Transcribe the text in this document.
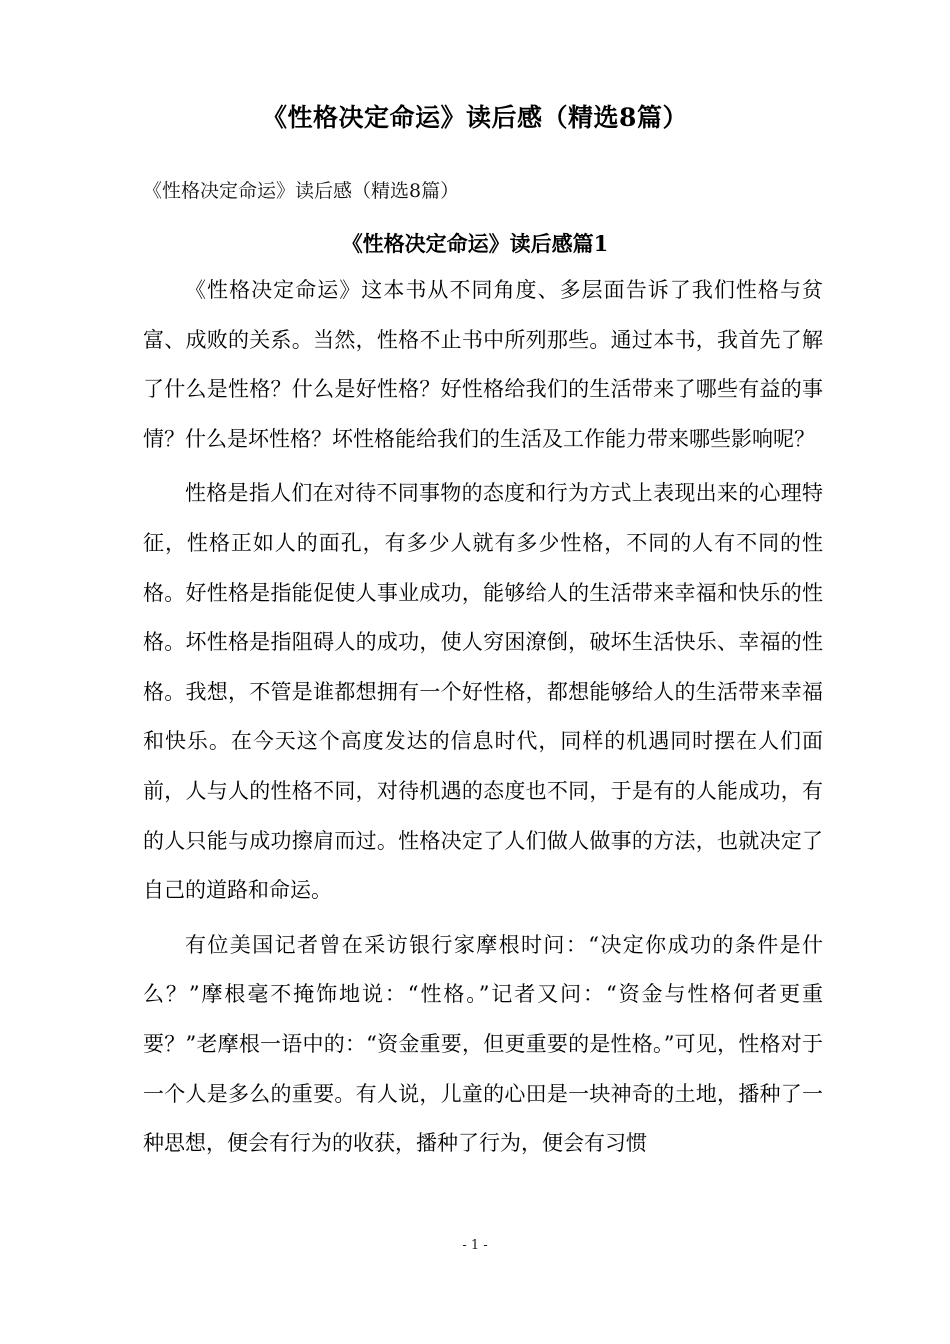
《性格决定命运》读后感（精选8篇）
《性格决定命运》读后感（精选8篇）
《性格决定命运》读后感篇1

《性格决定命运》这本书从不同角度、多层面告诉了我们性格与贫富、成败的关系。当然，性格不止书中所列那些。通过本书，我首先了解了什么是性格？什么是好性格？好性格给我们的生活带来了哪些有益的事情？什么是坏性格？坏性格能给我们的生活及工作能力带来哪些影响呢？

性格是指人们在对待不同事物的态度和行为方式上表现出来的心理特征，性格正如人的面孔，有多少人就有多少性格，不同的人有不同的性格。好性格是指能促使人事业成功，能够给人的生活带来幸福和快乐的性格。坏性格是指阻碍人的成功，使人穷困潦倒，破坏生活快乐、幸福的性格。我想，不管是谁都想拥有一个好性格，都想能够给人的生活带来幸福和快乐。在今天这个高度发达的信息时代，同样的机遇同时摆在人们面前，人与人的性格不同，对待机遇的态度也不同，于是有的人能成功，有的人只能与成功擦肩而过。性格决定了人们做人做事的方法，也就决定了自己的道路和命运。

有位美国记者曾在采访银行家摩根时问：“决定你成功的条件是什么？”摩根毫不掩饰地说：“性格。”记者又问：“资金与性格何者更重要？”老摩根一语中的：“资金重要，但更重要的是性格。”可见，性格对于一个人是多么的重要。有人说，儿童的心田是一块神奇的土地，播种了一种思想，便会有行为的收获，播种了行为，便会有习惯

- 1 -
